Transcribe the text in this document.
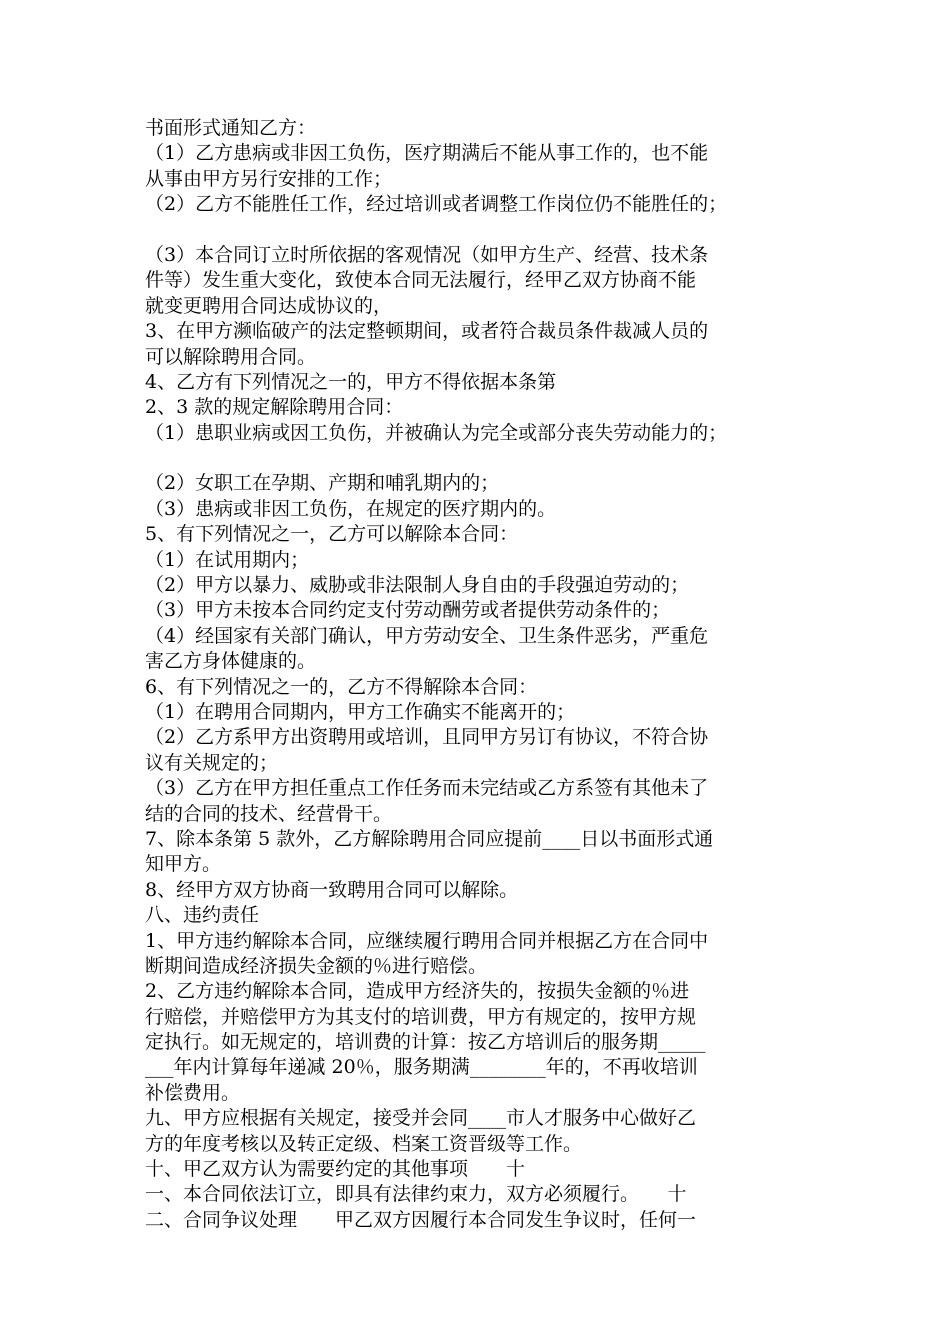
书面形式通知乙方：
（1）乙方患病或非因工负伤，医疗期满后不能从事工作的，也不能
从事由甲方另行安排的工作；
（2）乙方不能胜任工作，经过培训或者调整工作岗位仍不能胜任的；
（3）本合同订立时所依据的客观情况（如甲方生产、经营、技术条
件等）发生重大变化，致使本合同无法履行，经甲乙双方协商不能
就变更聘用合同达成协议的，
3、在甲方濒临破产的法定整顿期间，或者符合裁员条件裁减人员的
可以解除聘用合同。
4、乙方有下列情况之一的，甲方不得依据本条第
2、3 款的规定解除聘用合同：
（1）患职业病或因工负伤，并被确认为完全或部分丧失劳动能力的；
（2）女职工在孕期、产期和哺乳期内的；
（3）患病或非因工负伤，在规定的医疗期内的。
5、有下列情况之一，乙方可以解除本合同：
（1）在试用期内；
（2）甲方以暴力、威胁或非法限制人身自由的手段强迫劳动的；
（3）甲方未按本合同约定支付劳动酬劳或者提供劳动条件的；
（4）经国家有关部门确认，甲方劳动安全、卫生条件恶劣，严重危
害乙方身体健康的。
6、有下列情况之一的，乙方不得解除本合同：
（1）在聘用合同期内，甲方工作确实不能离开的；
（2）乙方系甲方出资聘用或培训，且同甲方另订有协议，不符合协
议有关规定的；
（3）乙方在甲方担任重点工作任务而未完结或乙方系签有其他未了
结的合同的技术、经营骨干。
7、除本条第 5 款外，乙方解除聘用合同应提前____日以书面形式通
知甲方。
8、经甲方双方协商一致聘用合同可以解除。
八、违约责任
1、甲方违约解除本合同，应继续履行聘用合同并根据乙方在合同中
断期间造成经济损失金额的％进行赔偿。
2、乙方违约解除本合同，造成甲方经济失的，按损失金额的％进
行赔偿，并赔偿甲方为其支付的培训费，甲方有规定的，按甲方规
定执行。如无规定的，培训费的计算：按乙方培训后的服务期_____
___年内计算每年递减 20％，服务期满________年的，不再收培训
补偿费用。
九、甲方应根据有关规定，接受并会同____市人才服务中心做好乙
方的年度考核以及转正定级、档案工资晋级等工作。
十、甲乙双方认为需要约定的其他事项　　十
一、本合同依法订立，即具有法律约束力，双方必须履行。　　十
二、合同争议处理　　甲乙双方因履行本合同发生争议时，任何一
